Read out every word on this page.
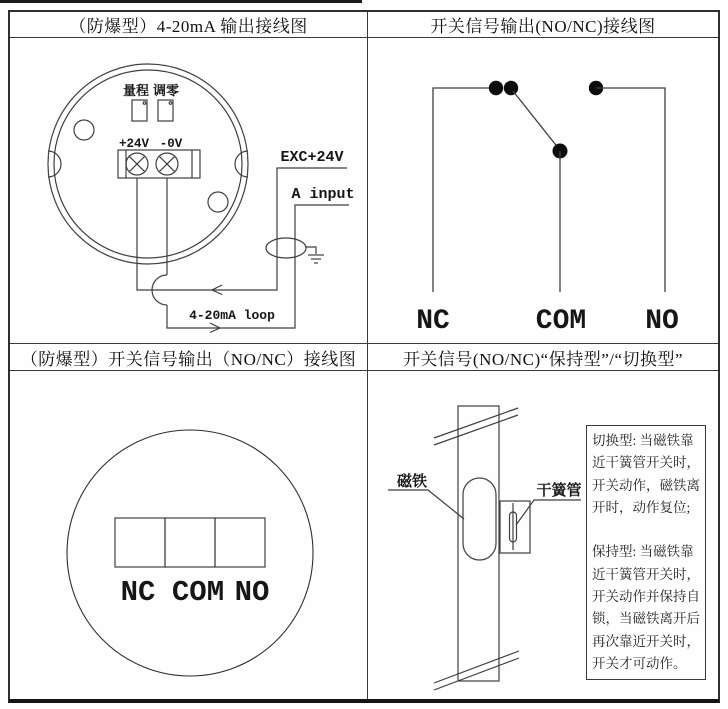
（防爆型）4-20mA 输出接线图	开关信号输出(NO/NC)接线图
量程 调零
+24V -0V
EXC+24V
A input
4-20mA loop	NC	COM NO
（防爆型）开关信号输出（NO/NC）接线图	开关信号(NO/NC)“保持型”/“切换型”
NC COM NO
磁铁
干簧管
切换型: 当磁铁靠
近干簧管开关时，
开关动作，磁铁离
开时，动作复位;
保持型: 当磁铁靠
近干簧管开关时，
开关动作并保持自
锁，当磁铁离开后
再次靠近开关时，
开关才可动作。
